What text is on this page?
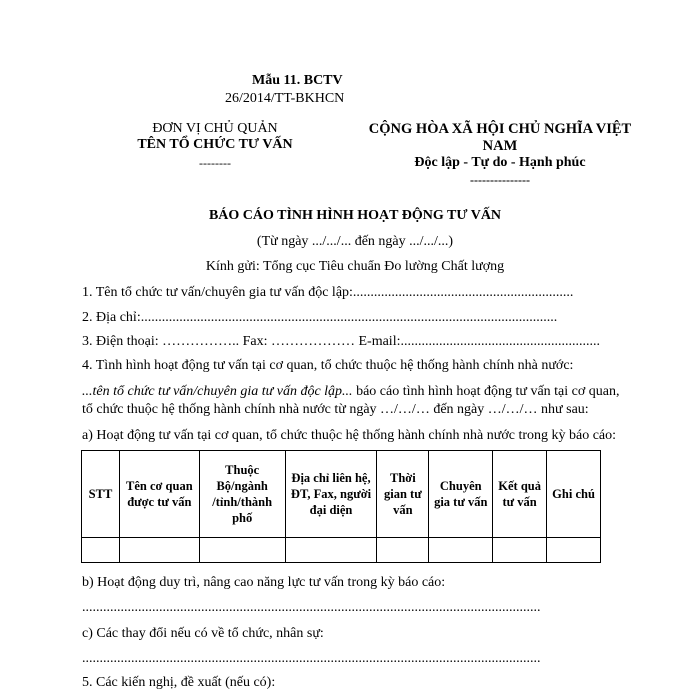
Mẫu 11. BCTV
26/2014/TT-BKHCN
ĐƠN VỊ CHỦ QUẢN
TÊN TỔ CHỨC TƯ VẤN
--------
CỘNG HÒA XÃ HỘI CHỦ NGHĨA VIỆT
NAM
Độc lập - Tự do - Hạnh phúc
---------------
BÁO CÁO TÌNH HÌNH HOẠT ĐỘNG TƯ VẤN
(Từ ngày .../.../... đến ngày .../.../...)
Kính gửi: Tổng cục Tiêu chuẩn Đo lường Chất lượng
1. Tên tổ chức tư vấn/chuyên gia tư vấn độc lập:...............................................................
2. Địa chỉ:.......................................................................................................................
3. Điện thoại: …………….. Fax: ……………… E-mail:.........................................................
4. Tình hình hoạt động tư vấn tại cơ quan, tổ chức thuộc hệ thống hành chính nhà nước:
...tên tổ chức tư vấn/chuyên gia tư vấn độc lập... báo cáo tình hình hoạt động tư vấn tại cơ quan,
tổ chức thuộc hệ thống hành chính nhà nước từ ngày …/…/… đến ngày …/…/… như sau:
a) Hoạt động tư vấn tại cơ quan, tổ chức thuộc hệ thống hành chính nhà nước trong kỳ báo cáo:
STT	Tên cơ quan được tư vấn	Thuộc Bộ/ngành /tỉnh/thành phố	Địa chỉ liên hệ, ĐT, Fax, người đại diện	Thời gian tư vấn	Chuyên gia tư vấn	Kết quả tư vấn	Ghi chú

b) Hoạt động duy trì, nâng cao năng lực tư vấn trong kỳ báo cáo:
...................................................................................................................................
c) Các thay đổi nếu có về tổ chức, nhân sự:
...................................................................................................................................
5. Các kiến nghị, đề xuất (nếu có):
